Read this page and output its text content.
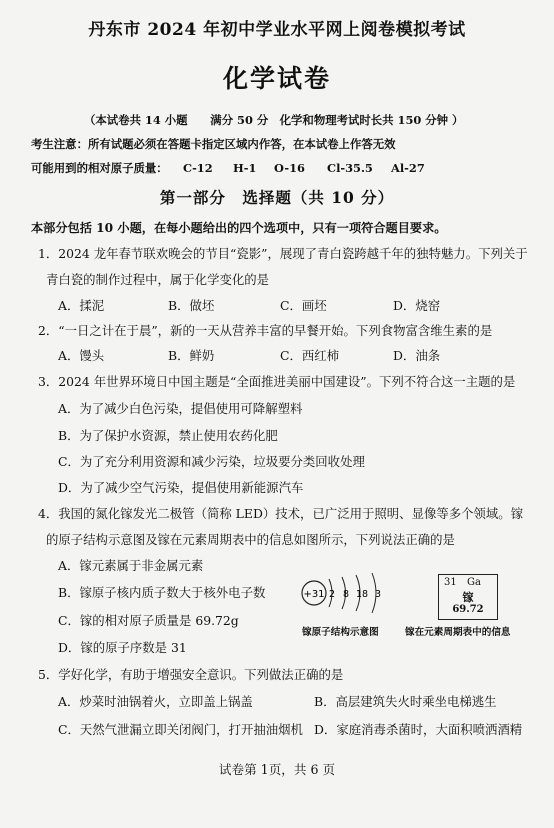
丹东市 2024 年初中学业水平网上阅卷模拟考试
化学试卷
（本试卷共 14 小题　　满分 50 分　化学和物理考试时长共 150 分钟 ）
考生注意：所有试题必须在答题卡指定区域内作答，在本试卷上作答无效
可能用到的相对原子质量： C-12 H-1 O-16 Cl-35.5 Al-27
第一部分　选择题（共 10 分）
本部分包括 10 小题，在每小题给出的四个选项中，只有一项符合题目要求。
1．2024 龙年春节联欢晚会的节目“瓷影”，展现了青白瓷跨越千年的独特魅力。下列关于
青白瓷的制作过程中，属于化学变化的是
A．揉泥	B．做坯	C．画坯	D．烧窑
2．“一日之计在于晨”，新的一天从营养丰富的早餐开始。下列食物富含维生素的是
A．馒头	B．鲜奶	C．西红柿	D．油条
3．2024 年世界环境日中国主题是“全面推进美丽中国建设”。下列不符合这一主题的是
A．为了减少白色污染，提倡使用可降解塑料
B．为了保护水资源，禁止使用农药化肥
C．为了充分利用资源和减少污染，垃圾要分类回收处理
D．为了减少空气污染，提倡使用新能源汽车
4．我国的氮化镓发光二极管（简称 LED）技术，已广泛用于照明、显像等多个领域。镓
的原子结构示意图及镓在元素周期表中的信息如图所示，下列说法正确的是
A．镓元素属于非金属元素
B．镓原子核内质子数大于核外电子数
C．镓的相对原子质量是 69.72g
D．镓的原子序数是 31
+31 2 8 18 3
31 Ga
镓
69.72
镓原子结构示意图	镓在元素周期表中的信息
5．学好化学，有助于增强安全意识。下列做法正确的是
A．炒菜时油锅着火，立即盖上锅盖	B．高层建筑失火时乘坐电梯逃生
C．天然气泄漏立即关闭阀门，打开抽油烟机 D．家庭消毒杀菌时，大面积喷洒酒精
试卷第 1页，共 6 页
